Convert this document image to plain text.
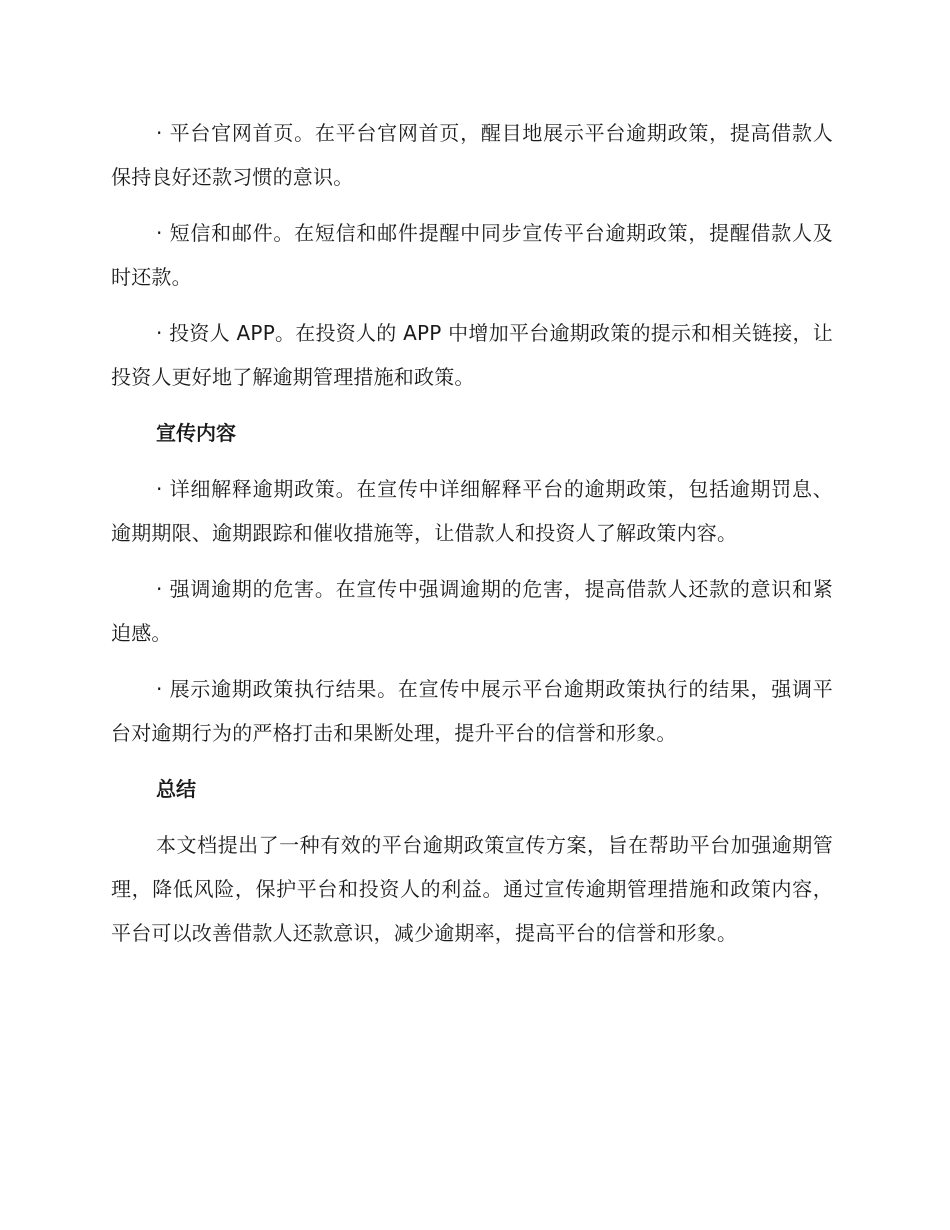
· 平台官网首页。在平台官网首页，醒目地展示平台逾期政策，提高借款人保持良好还款习惯的意识。

· 短信和邮件。在短信和邮件提醒中同步宣传平台逾期政策，提醒借款人及时还款。

· 投资人 APP。在投资人的 APP 中增加平台逾期政策的提示和相关链接，让投资人更好地了解逾期管理措施和政策。

宣传内容

· 详细解释逾期政策。在宣传中详细解释平台的逾期政策，包括逾期罚息、逾期期限、逾期跟踪和催收措施等，让借款人和投资人了解政策内容。

· 强调逾期的危害。在宣传中强调逾期的危害，提高借款人还款的意识和紧迫感。

· 展示逾期政策执行结果。在宣传中展示平台逾期政策执行的结果，强调平台对逾期行为的严格打击和果断处理，提升平台的信誉和形象。

总结

本文档提出了一种有效的平台逾期政策宣传方案，旨在帮助平台加强逾期管理，降低风险，保护平台和投资人的利益。通过宣传逾期管理措施和政策内容，平台可以改善借款人还款意识，减少逾期率，提高平台的信誉和形象。
